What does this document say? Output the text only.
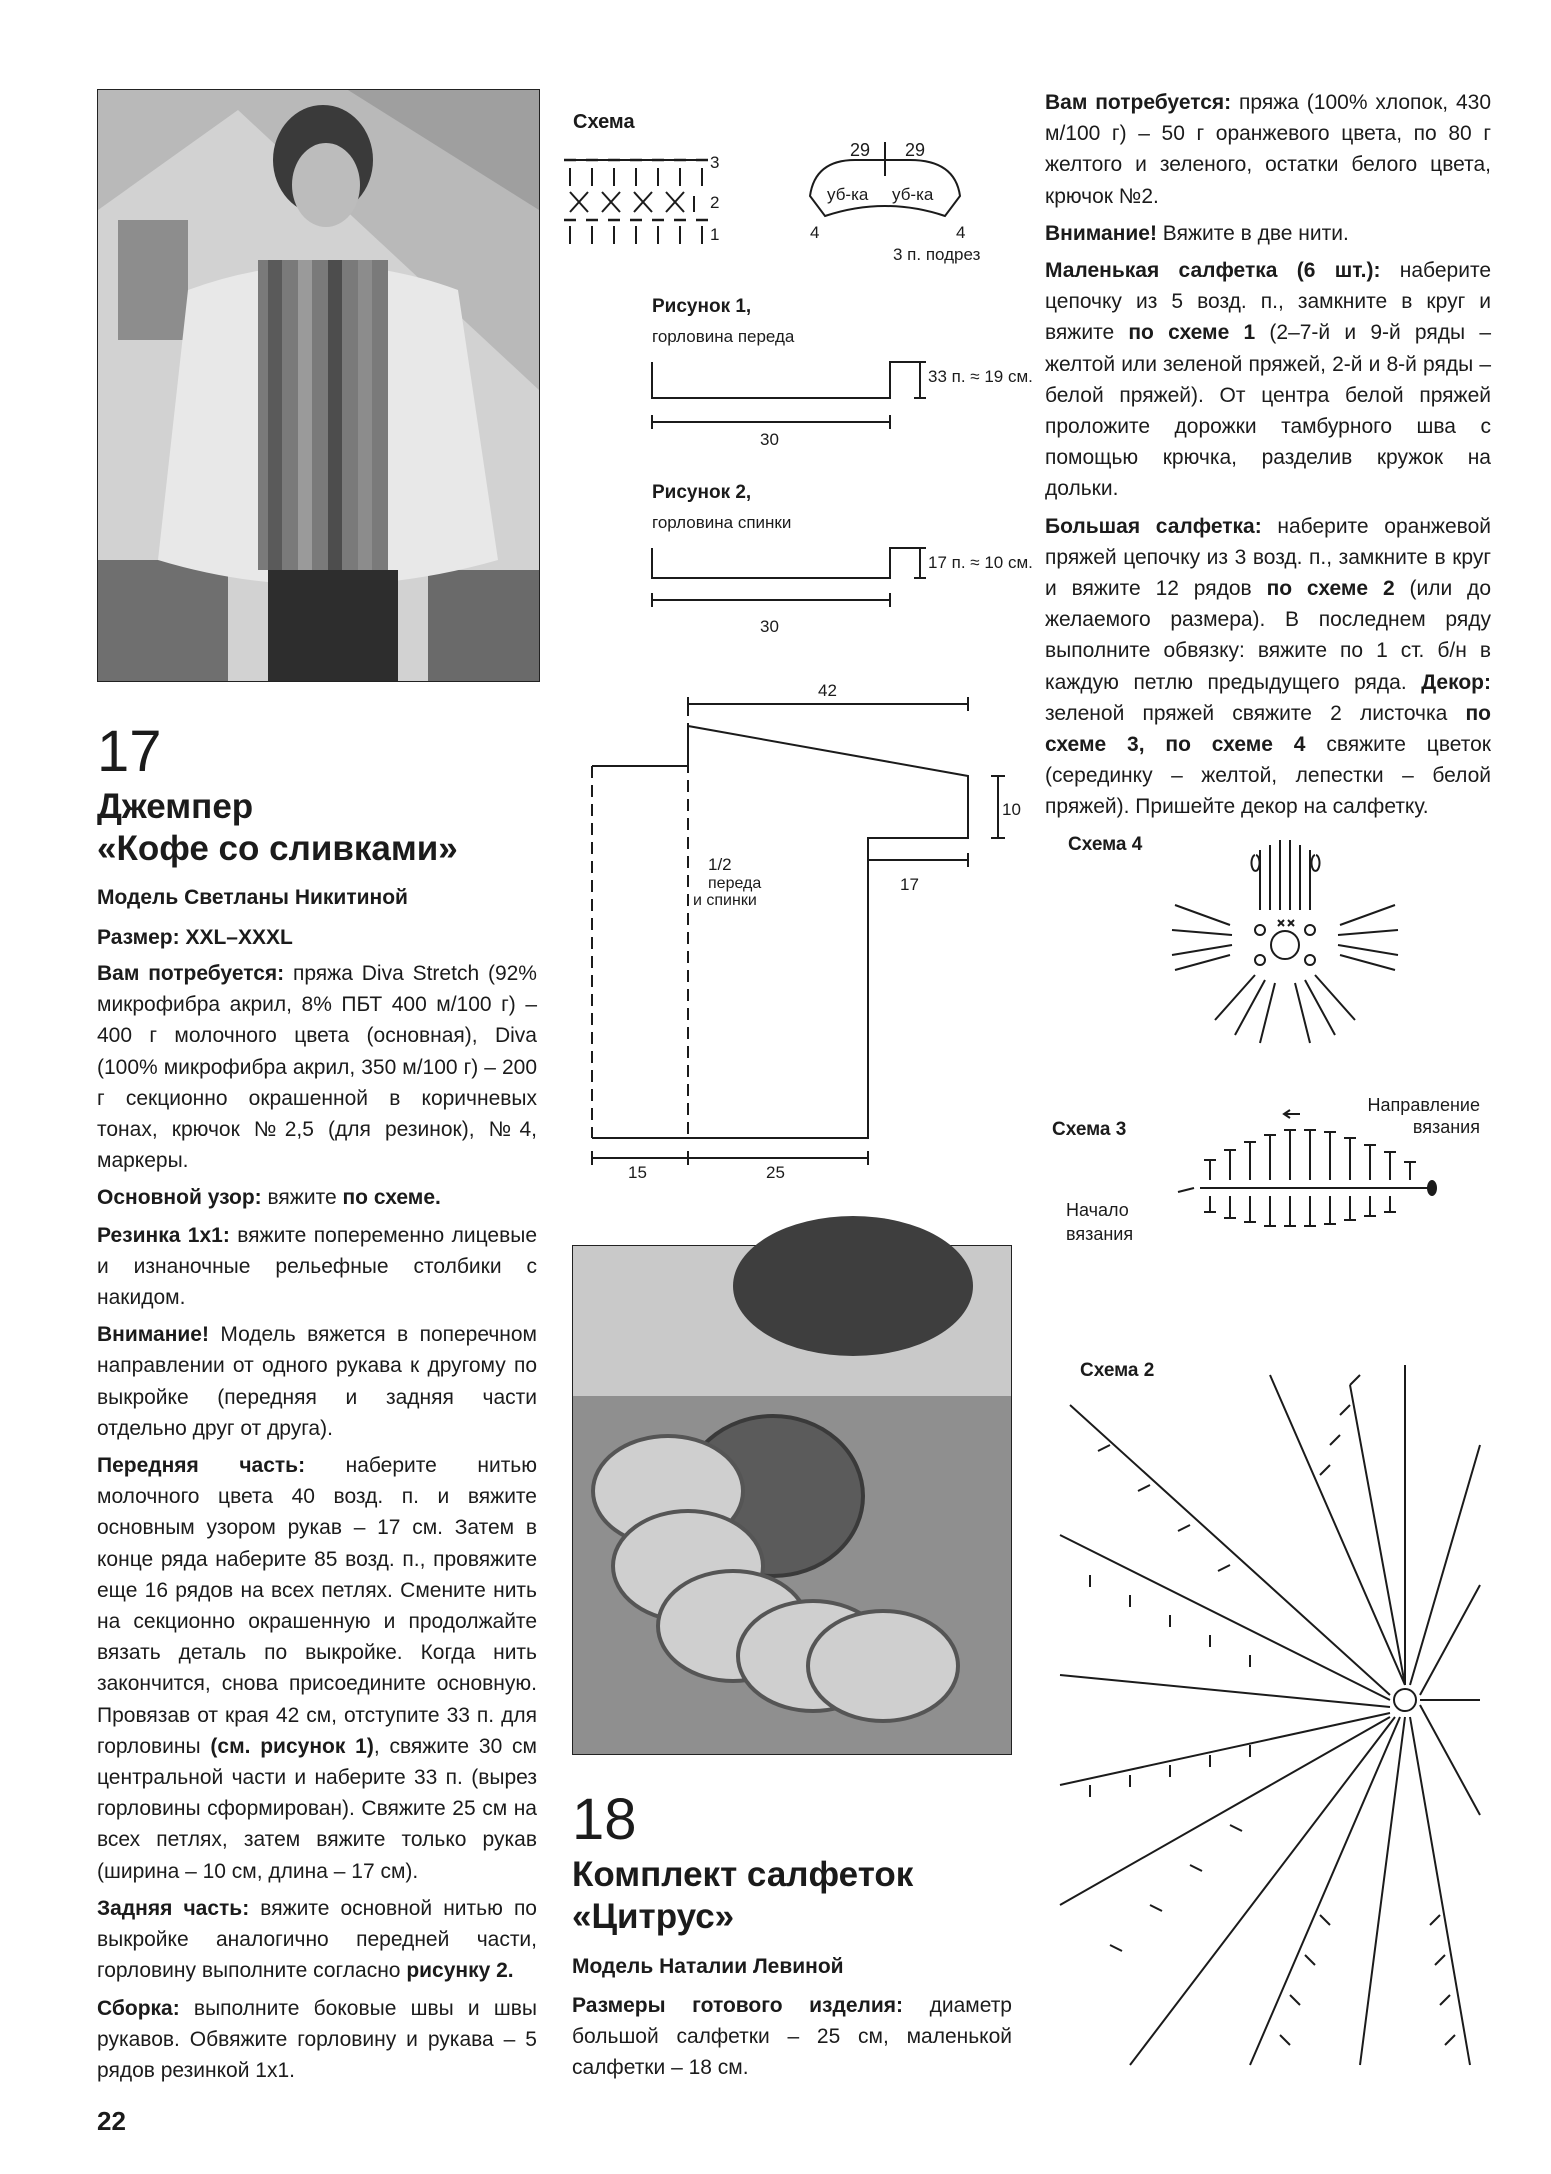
17
Джемпер
«Кофе со сливками»
Модель Светланы Никитиной
Размер: XXL–XXXL

Вам потребуется: пряжа Diva Stretch (92% микрофибра акрил, 8% ПБТ 400 м/100 г) – 400 г молочного цвета (основная), Diva (100% микрофибра акрил, 350 м/100 г) – 200 г секционно окрашенной в коричневых тонах, крючок №2,5 (для резинок), №4, маркеры.

Основной узор: вяжите по схеме.

Резинка 1x1: вяжите попеременно лицевые и изнаночные рельефные столбики с накидом.

Внимание! Модель вяжется в поперечном направлении от одного рукава к другому по выкройке (передняя и задняя части отдельно друг от друга).

Передняя часть: наберите нитью молочного цвета 40 возд. п. и вяжите основным узором рукав – 17 см. Затем в конце ряда наберите 85 возд. п., провяжите еще 16 рядов на всех петлях. Смените нить на секционно окрашенную и продолжайте вязать деталь по выкройке. Когда нить закончится, снова присоедините основную. Провязав от края 42 см, отступите 33 п. для горловины (см. рисунок 1), свяжите 30 см центральной части и наберите 33 п. (вырез горловины сформирован). Свяжите 25 см на всех петлях, затем вяжите только рукав (ширина – 10 см, длина – 17 см).

Задняя часть: вяжите основной нитью по выкройке аналогично передней части, горловину выполните согласно рисунку 2.

Сборка: выполните боковые швы и швы рукавов. Обвяжите горловину и рукава – 5 рядов резинкой 1x1.

22
Схема
3
2
1
29 29
уб-ка уб-ка
4	4
3 п. подрез
Рисунок 1,
горловина переда
33 п. ≈ 19 см.
30
Рисунок 2,
горловина спинки
17 п. ≈ 10 см.
30
42
10
17
1/2
переда
и спинки
15	25
18
Комплект салфеток
«Цитрус»
Модель Наталии Левиной

Размеры готового изделия: диаметр большой салфетки – 25 см, маленькой салфетки – 18 см.

Вам потребуется: пряжа (100% хлопок, 430 м/100 г) – 50 г оранжевого цвета, по 80 г желтого и зеленого, остатки белого цвета, крючок №2.

Внимание! Вяжите в две нити.

Маленькая салфетка (6 шт.): наберите цепочку из 5 возд. п., замкните в круг и вяжите по схеме 1 (2–7-й и 9-й ряды – желтой или зеленой пряжей, 2-й и 8-й ряды – белой пряжей). От центра белой пряжей проложите дорожки тамбурного шва с помощью крючка, разделив кружок на дольки.

Большая салфетка: наберите оранжевой пряжей цепочку из 3 возд. п., замкните в круг и вяжите 12 рядов по схеме 2 (или до желаемого размера). В последнем ряду выполните обвязку: вяжите по 1 ст. б/н в каждую петлю предыдущего ряда. Декор: зеленой пряжей свяжите 2 листочка по схеме 3, по схеме 4 свяжите цветок (серединку – желтой, лепестки – белой пряжей). Пришейте декор на салфетку.

Схема 4
Схема 3
Направление
вязания
Начало
вязания
Схема 2
